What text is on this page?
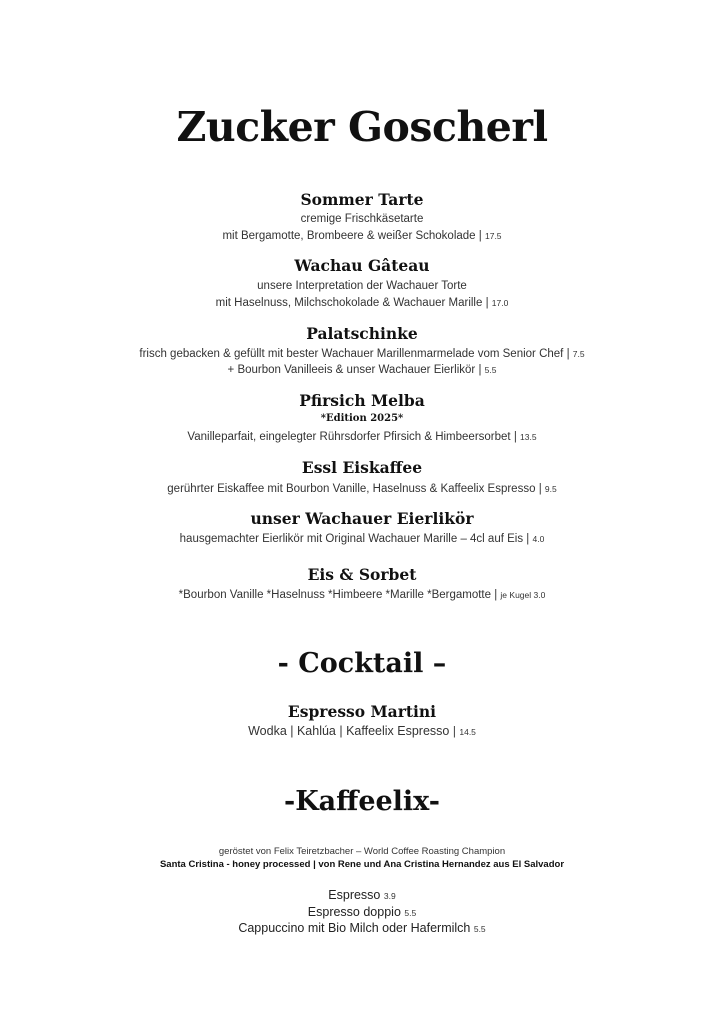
Zucker Goscherl
Sommer Tarte
cremige Frischkäsetarte
mit Bergamotte, Brombeere & weißer Schokolade | 17.5
Wachau Gâteau
unsere Interpretation der Wachauer Torte
mit Haselnuss, Milchschokolade & Wachauer Marille | 17.0
Palatschinke
frisch gebacken & gefüllt mit bester Wachauer Marillenmarmelade vom Senior Chef | 7.5
+ Bourbon Vanilleeis & unser Wachauer Eierlikör | 5.5
Pfirsich Melba
*Edition 2025*
Vanilleparfait, eingelegter Rührsdorfer Pfirsich & Himbeersorbet | 13.5
Essl Eiskaffee
gerührter Eiskaffee mit Bourbon Vanille, Haselnuss & Kaffeelix Espresso | 9.5
unser Wachauer Eierlikör
hausgemachter Eierlikör mit Original Wachauer Marille – 4cl auf Eis | 4.0
Eis & Sorbet
*Bourbon Vanille *Haselnuss *Himbeere *Marille *Bergamotte | je Kugel 3.0
- Cocktail –
Espresso Martini
Wodka | Kahlúa | Kaffeelix Espresso | 14.5
-Kaffeelix-
geröstet von Felix Teiretzbacher – World Coffee Roasting Champion
Santa Cristina - honey processed | von Rene und Ana Cristina Hernandez aus El Salvador
Espresso 3.9
Espresso doppio 5.5
Cappuccino mit Bio Milch oder Hafermilch 5.5
